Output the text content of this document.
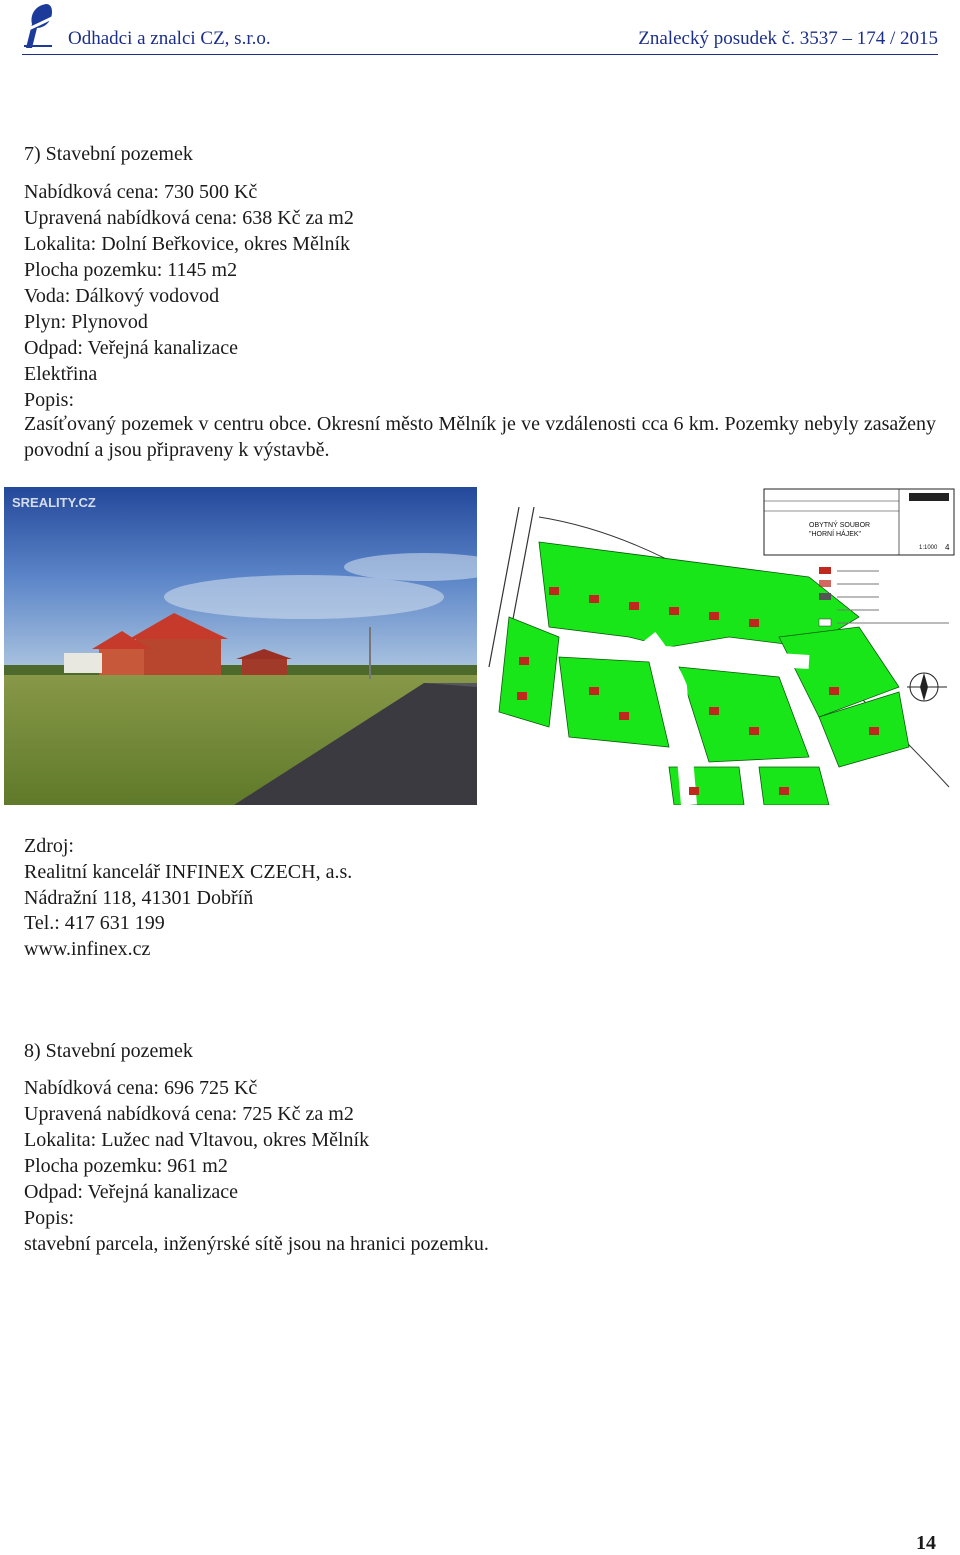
Odhadci a znalci CZ, s.r.o.	Znalecký posudek č. 3537 – 174 / 2015
7) Stavební pozemek
Nabídková cena: 730 500 Kč
Upravená nabídková cena: 638 Kč za m2
Lokalita: Dolní Beřkovice, okres Mělník
Plocha pozemku: 1145 m2
Voda: Dálkový vodovod
Plyn: Plynovod
Odpad: Veřejná kanalizace
Elektřina
Popis:
Zasíťovaný pozemek v centru obce. Okresní město Mělník je ve vzdálenosti cca 6 km. Pozemky nebyly zasaženy povodní a jsou připraveny k výstavbě.
SREALITY.CZ
OBYTNÝ SOUBOR
"HORNÍ HÁJEK"
1:1000 4
Zdroj:
Realitní kancelář INFINEX CZECH, a.s.
Nádražní 118, 41301 Dobříň
Tel.: 417 631 199
www.infinex.cz
8) Stavební pozemek
Nabídková cena: 696 725 Kč
Upravená nabídková cena: 725 Kč za m2
Lokalita: Lužec nad Vltavou, okres Mělník
Plocha pozemku: 961 m2
Odpad: Veřejná kanalizace
Popis:
stavební parcela, inženýrské sítě jsou na hranici pozemku.
14
